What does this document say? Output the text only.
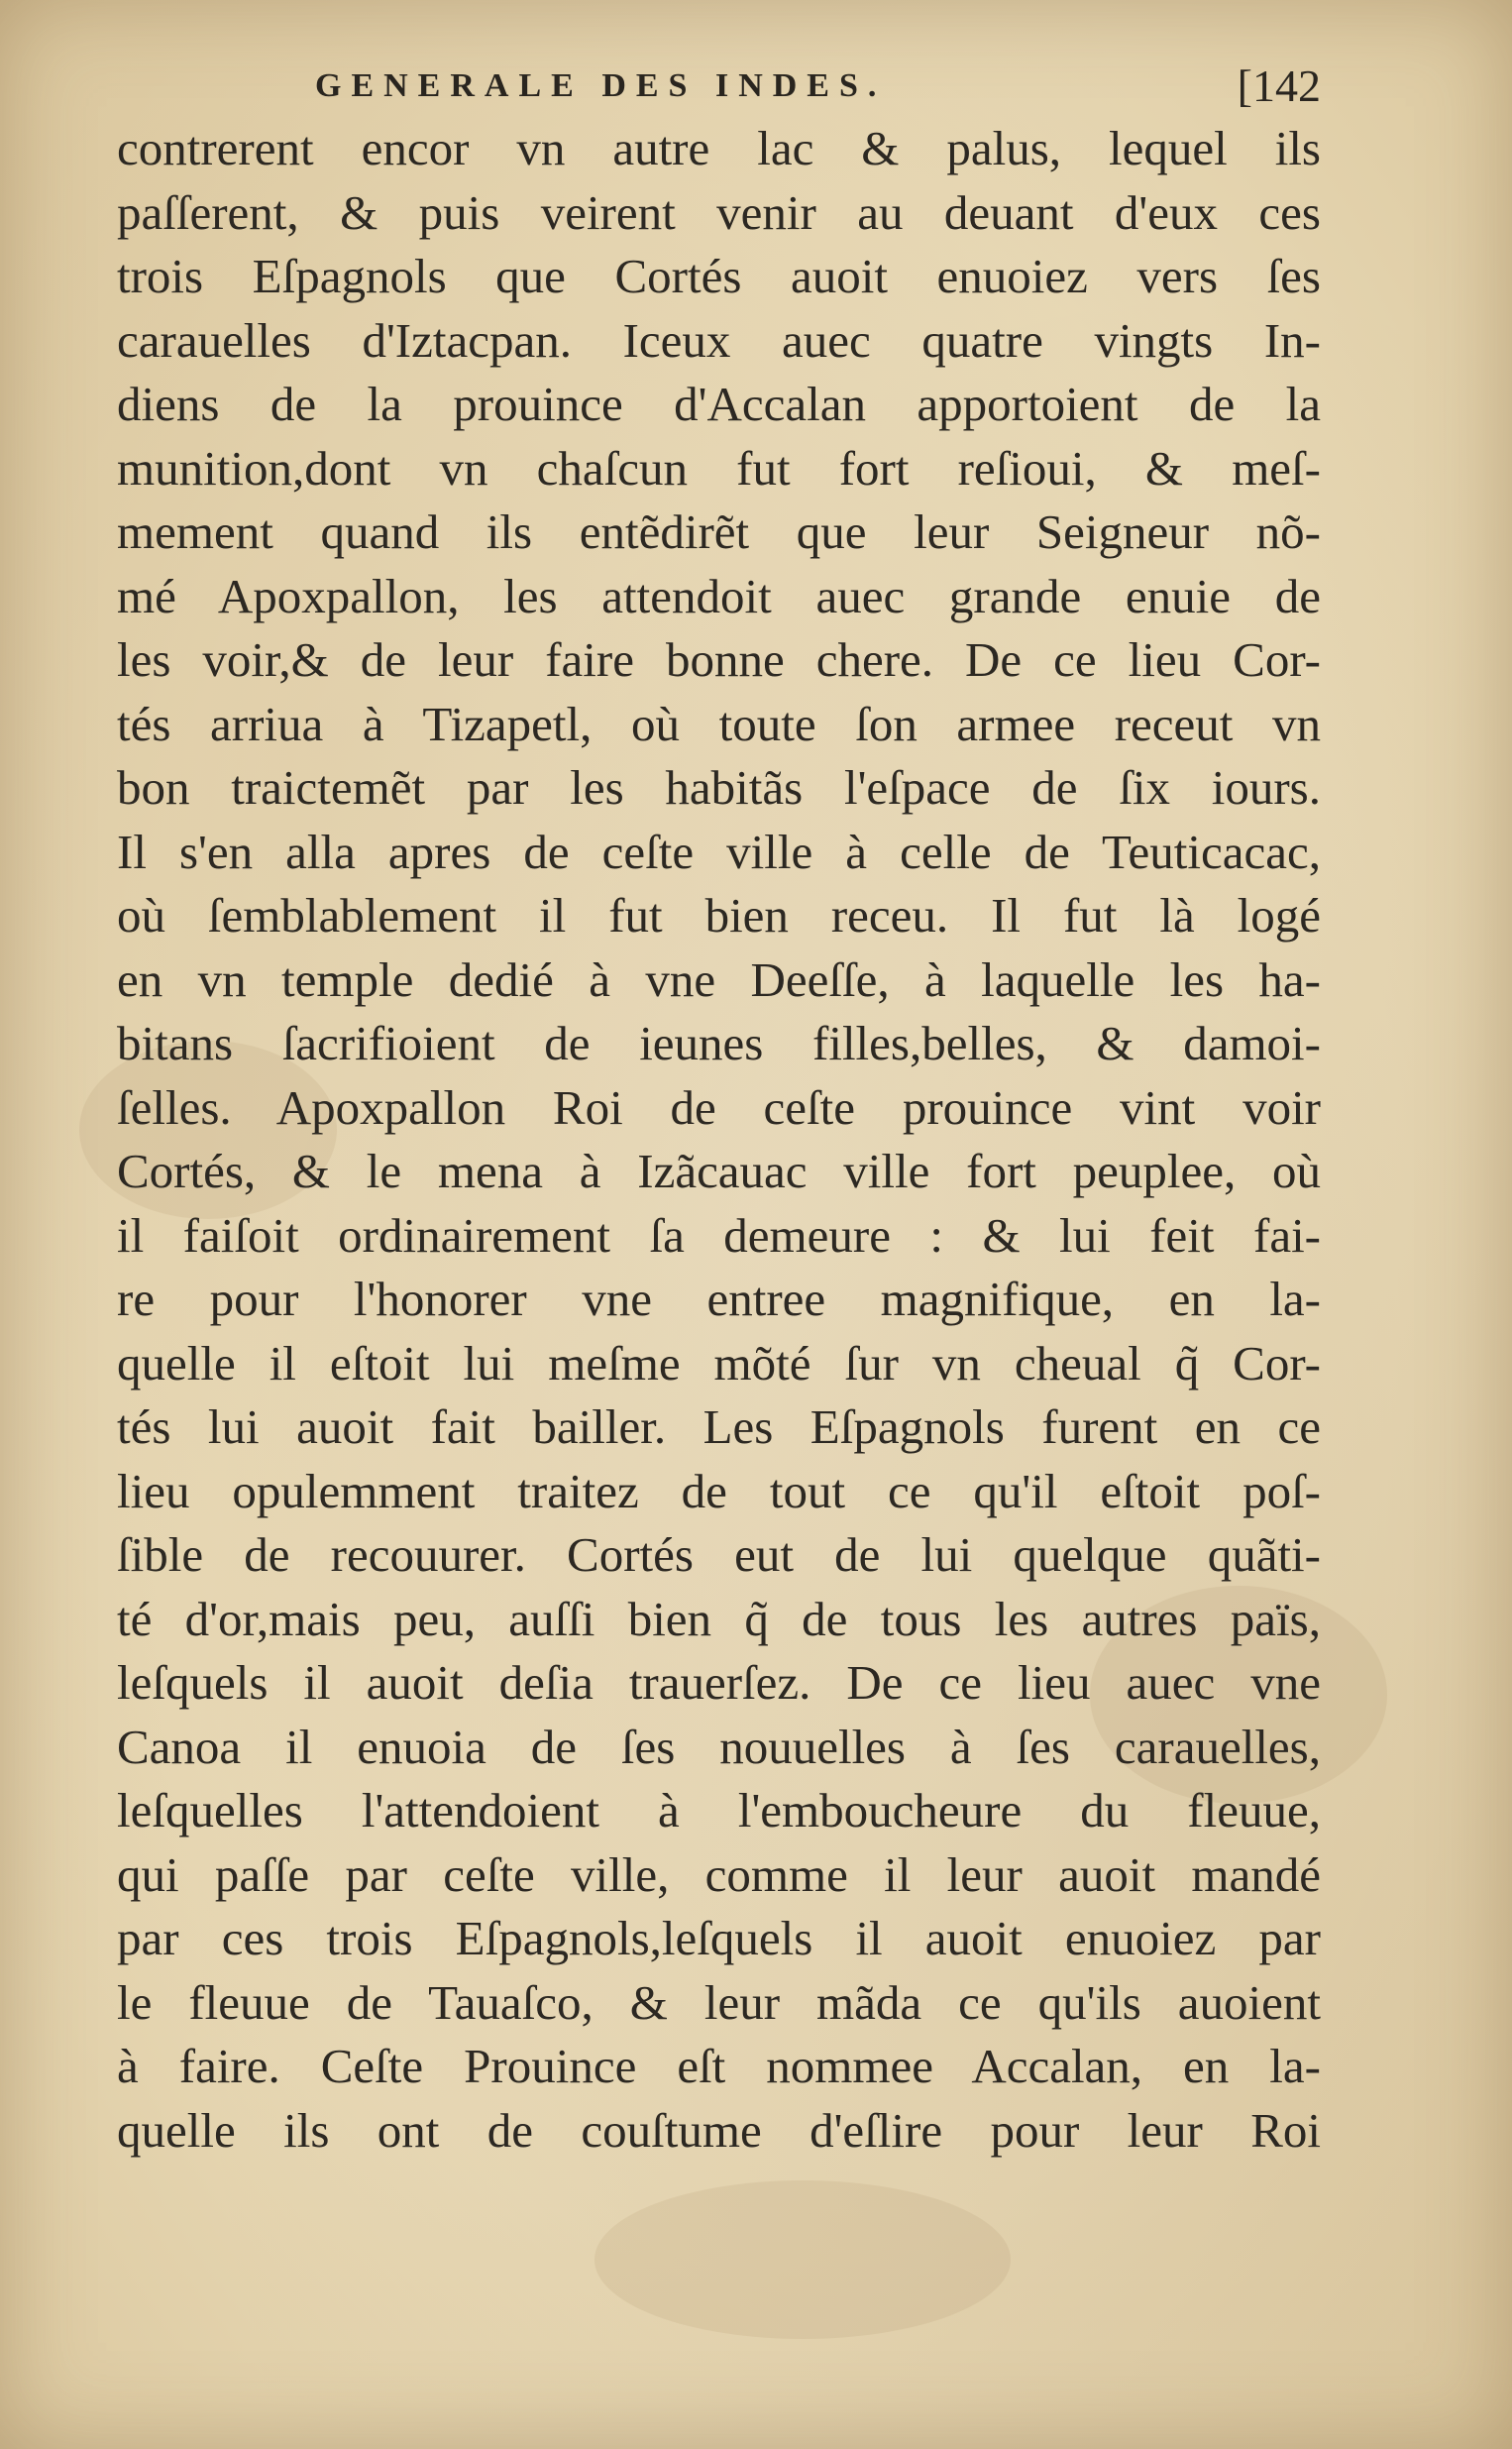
GENERALE DES INDES.	[142
contrerent encor vn autre lac & palus, lequel ils
paſſerent, & puis veirent venir au deuant d'eux ces
trois Eſpagnols que Cortés auoit enuoiez vers ſes
carauelles d'Iztacpan. Iceux auec quatre vingts In-
diens de la prouince d'Accalan apportoient de la
munition,dont vn chaſcun fut fort reſioui, & meſ-
mement quand ils entẽdirẽt que leur Seigneur nõ-
mé Apoxpallon, les attendoit auec grande enuie de
les voir,& de leur faire bonne chere. De ce lieu Cor-
tés arriua à Tizapetl, où toute ſon armee receut vn
bon traictemẽt par les habitãs l'eſpace de ſix iours.
Il s'en alla apres de ceſte ville à celle de Teuticacac,
où ſemblablement il fut bien receu. Il fut là logé
en vn temple dedié à vne Deeſſe, à laquelle les ha-
bitans ſacrifioient de ieunes filles,belles, & damoi-
ſelles. Apoxpallon Roi de ceſte prouince vint voir
Cortés, & le mena à Izãcauac ville fort peuplee, où
il faiſoit ordinairement ſa demeure : & lui feit fai-
re pour l'honorer vne entree magnifique, en la-
quelle il eſtoit lui meſme mõté ſur vn cheual q̃ Cor-
tés lui auoit fait bailler. Les Eſpagnols furent en ce
lieu opulemment traitez de tout ce qu'il eſtoit poſ-
ſible de recouurer. Cortés eut de lui quelque quãti-
té d'or,mais peu, auſſi bien q̃ de tous les autres païs,
leſquels il auoit deſia trauerſez. De ce lieu auec vne
Canoa il enuoia de ſes nouuelles à ſes carauelles,
leſquelles l'attendoient à l'emboucheure du fleuue,
qui paſſe par ceſte ville, comme il leur auoit mandé
par ces trois Eſpagnols,leſquels il auoit enuoiez par
le fleuue de Tauaſco, & leur mãda ce qu'ils auoient
à faire. Ceſte Prouince eſt nommee Accalan, en la-
quelle ils ont de couſtume d'eſlire pour leur Roi
